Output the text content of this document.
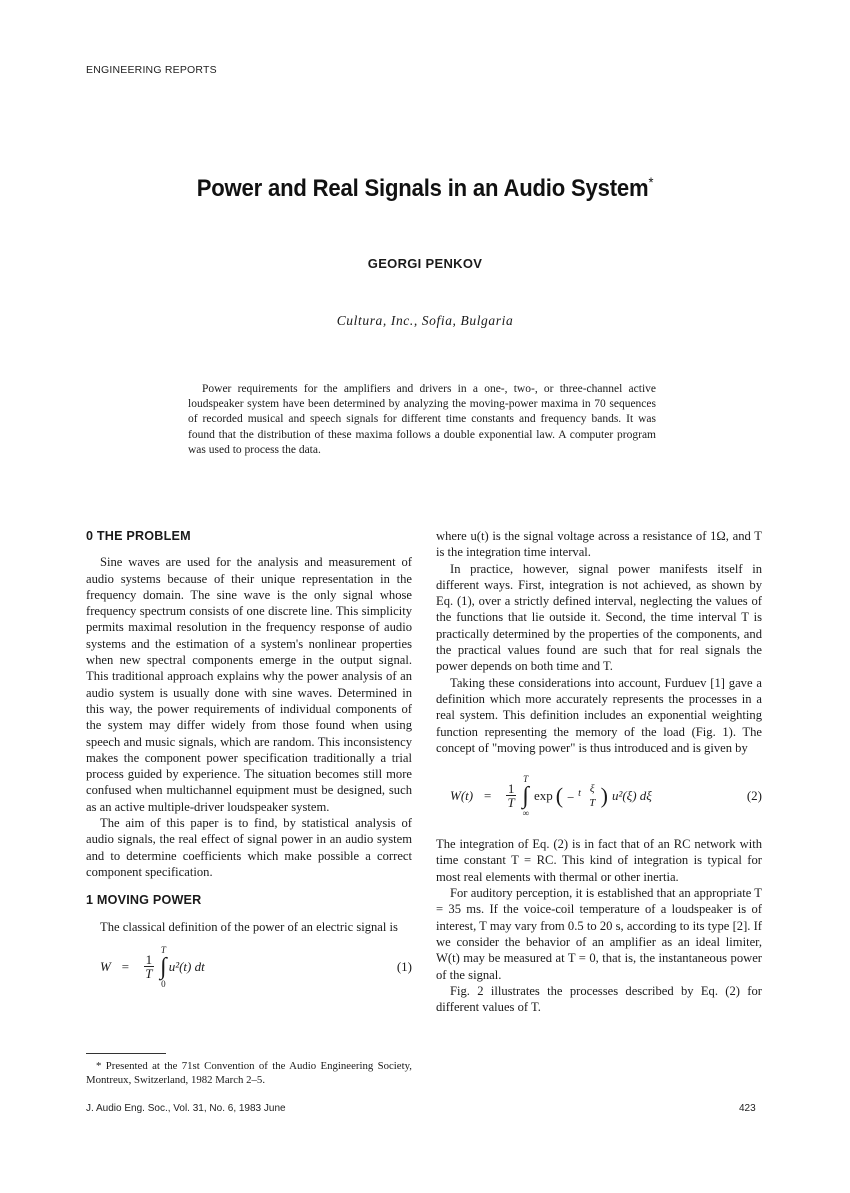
ENGINEERING REPORTS
Power and Real Signals in an Audio System*
GEORGI PENKOV
Cultura, Inc., Sofia, Bulgaria
Power requirements for the amplifiers and drivers in a one-, two-, or three-channel active loudspeaker system have been determined by analyzing the moving-power maxima in 70 sequences of recorded musical and speech signals for different time constants and frequency bands. It was found that the distribution of these maxima follows a double exponential law. A computer program was used to process the data.
0 THE PROBLEM

Sine waves are used for the analysis and measurement of audio systems because of their unique representation in the frequency domain. The sine wave is the only signal whose frequency spectrum consists of one discrete line. This simplicity permits maximal resolution in the frequency response of audio systems and the estimation of a system's nonlinear properties when new spectral components emerge in the output signal. This traditional approach explains why the power analysis of an audio system is usually done with sine waves. Determined in this way, the power requirements of individual components of the system may differ widely from those found when using speech and music signals, which are random. This inconsistency makes the component power specification traditionally a trial process guided by experience. The situation becomes still more confused when multichannel equipment must be designed, such as an active multiple-driver loudspeaker system.

The aim of this paper is to find, by statistical analysis of audio signals, the real effect of signal power in an audio system and to determine coefficients which make possible a correct component specification.

1 MOVING POWER

The classical definition of the power of an electric signal is

$W = \frac{1}{T}$
T
∫
0
u²(t) dt	(1)

where u(t) is the signal voltage across a resistance of 1Ω, and T is the integration time interval.

In practice, however, signal power manifests itself in different ways. First, integration is not achieved, as shown by Eq. (1), over a strictly defined interval, neglecting the values of the functions that lie outside it. Second, the time interval T is practically determined by the properties of the components, and the practical values found are such that for real signals the power depends on both time and T.

Taking these considerations into account, Furduev [1] gave a definition which more accurately represents the processes in a real system. This definition includes an exponential weighting function representing the memory of the load (Fig. 1). The concept of "moving power" is thus introduced and is given by

$W(t) = \frac{1}{T}$
T
∫
∞
exp ( − $^t$ ξ
T ) u²(ξ) dξ	(2)

The integration of Eq. (2) is in fact that of an RC network with time constant T = RC. This kind of integration is typical for most real elements with thermal or other inertia.

For auditory perception, it is established that an appropriate T = 35 ms. If the voice-coil temperature of a loudspeaker is of interest, T may vary from 0.5 to 20 s, according to its type [2]. If we consider the behavior of an amplifier as an ideal limiter, W(t) may be measured at T = 0, that is, the instantaneous power of the signal.

Fig. 2 illustrates the processes described by Eq. (2) for different values of T.

* Presented at the 71st Convention of the Audio Engineering Society, Montreux, Switzerland, 1982 March 2–5.
J. Audio Eng. Soc., Vol. 31, No. 6, 1983 June	423
